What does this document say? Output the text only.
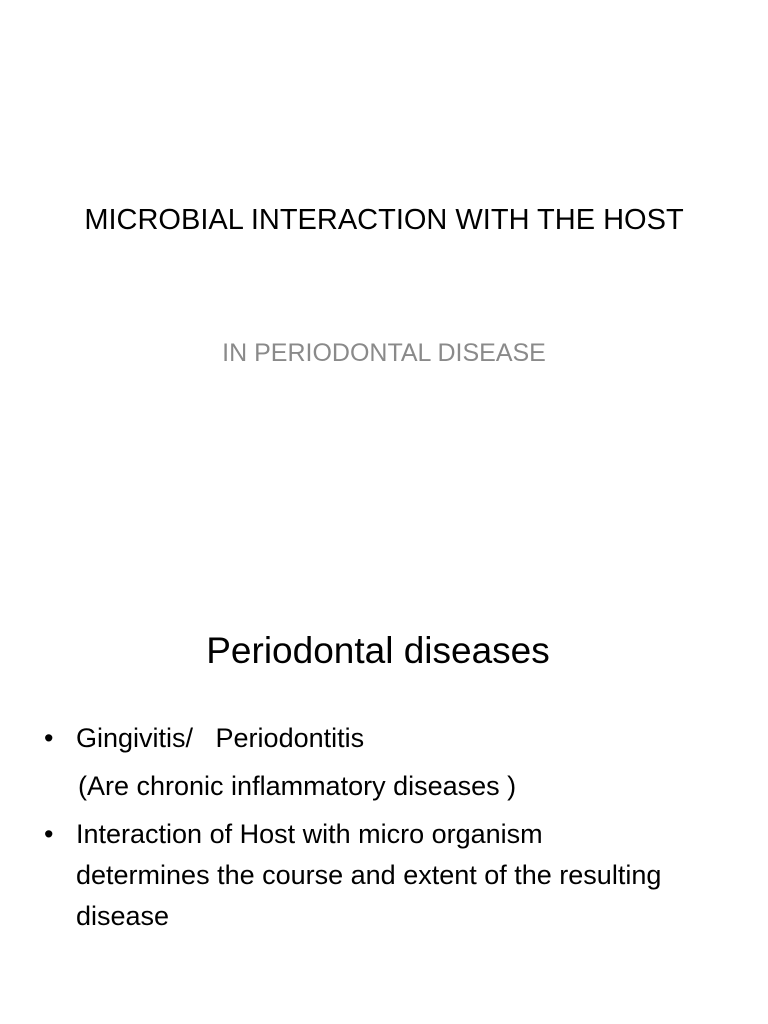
MICROBIAL INTERACTION WITH THE HOST
IN PERIODONTAL DISEASE
Periodontal diseases
• Gingivitis/   Periodontitis
(Are chronic inflammatory diseases )
• Interaction of Host with micro organism determines the course and extent of the resulting disease
